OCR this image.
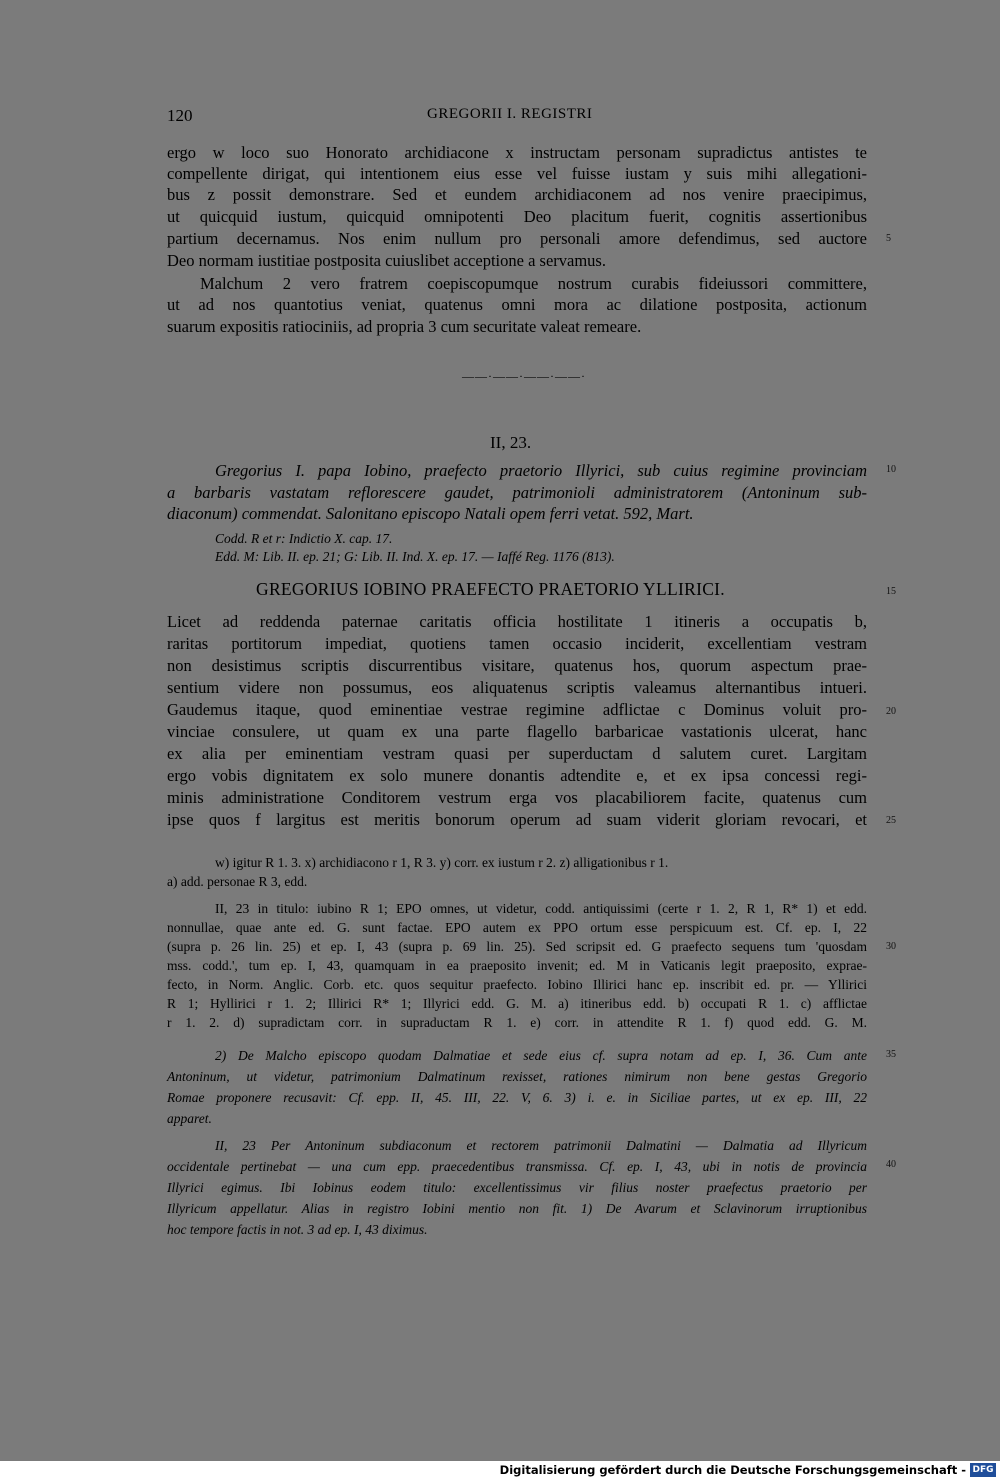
120	GREGORII I. REGISTRI
ergo w loco suo Honorato archidiacone x instructam personam supradictus antistes te
compellente dirigat, qui intentionem eius esse vel fuisse iustam y suis mihi allegationi-
bus z possit demonstrare. Sed et eundem archidiaconem ad nos venire praecipimus,
ut quicquid iustum, quicquid omnipotenti Deo placitum fuerit, cognitis assertionibus
partium decernamus. Nos enim nullum pro personali amore defendimus, sed auctore
Deo normam iustitiae postposita cuiuslibet acceptione a servamus.
Malchum 2 vero fratrem coepiscopumque nostrum curabis fideiussori committere,
ut ad nos quantotius veniat, quatenus omni mora ac dilatione postposita, actionum
suarum expositis ratiociniis, ad propria 3 cum securitate valeat remeare.
——·——·——·——·
II, 23.
Gregorius I. papa Iobino, praefecto praetorio Illyrici, sub cuius regimine provinciam
a barbaris vastatam reflorescere gaudet, patrimonioli administratorem (Antoninum sub-
diaconum) commendat. Salonitano episcopo Natali opem ferri vetat. 592, Mart.
Codd. R et r: Indictio X. cap. 17.
Edd. M: Lib. II. ep. 21; G: Lib. II. Ind. X. ep. 17. — Iaffé Reg. 1176 (813).
GREGORIUS IOBINO PRAEFECTO PRAETORIO YLLIRICI.
Licet ad reddenda paternae caritatis officia hostilitate 1 itineris a occupatis b,
raritas portitorum impediat, quotiens tamen occasio inciderit, excellentiam vestram
non desistimus scriptis discurrentibus visitare, quatenus hos, quorum aspectum prae-
sentium videre non possumus, eos aliquatenus scriptis valeamus alternantibus intueri.
Gaudemus itaque, quod eminentiae vestrae regimine adflictae c Dominus voluit pro-
vinciae consulere, ut quam ex una parte flagello barbaricae vastationis ulcerat, hanc
ex alia per eminentiam vestram quasi per superductam d salutem curet. Largitam
ergo vobis dignitatem ex solo munere donantis adtendite e, et ex ipsa concessi regi-
minis administratione Conditorem vestrum erga vos placabiliorem facite, quatenus cum
ipse quos f largitus est meritis bonorum operum ad suam viderit gloriam revocari, et
w) igitur R 1. 3. x) archidiacono r 1, R 3. y) corr. ex iustum r 2. z) alligationibus r 1.
a) add. personae R 3, edd.
II, 23 in titulo: iubino R 1; EPO omnes, ut videtur, codd. antiquissimi (certe r 1. 2, R 1, R* 1) et edd.
nonnullae, quae ante ed. G. sunt factae. EPO autem ex PPO ortum esse perspicuum est. Cf. ep. I, 22
(supra p. 26 lin. 25) et ep. I, 43 (supra p. 69 lin. 25). Sed scripsit ed. G praefecto sequens tum 'quosdam
mss. codd.', tum ep. I, 43, quamquam in ea praeposito invenit; ed. M in Vaticanis legit praeposito, exprae-
fecto, in Norm. Anglic. Corb. etc. quos sequitur praefecto. Iobino Illirici hanc ep. inscribit ed. pr. — Yllirici
R 1; Hyllirici r 1. 2; Illirici R* 1; Illyrici edd. G. M. a) itineribus edd. b) occupati R 1. c) afflictae
r 1. 2. d) supradictam corr. in supraductam R 1. e) corr. in attendite R 1. f) quod edd. G. M.
2) De Malcho episcopo quodam Dalmatiae et sede eius cf. supra notam ad ep. I, 36. Cum ante
Antoninum, ut videtur, patrimonium Dalmatinum rexisset, rationes nimirum non bene gestas Gregorio
Romae proponere recusavit: Cf. epp. II, 45. III, 22. V, 6. 3) i. e. in Siciliae partes, ut ex ep. III, 22
apparet.
II, 23 Per Antoninum subdiaconum et rectorem patrimonii Dalmatini — Dalmatia ad Illyricum
occidentale pertinebat — una cum epp. praecedentibus transmissa. Cf. ep. I, 43, ubi in notis de provincia
Illyrici egimus. Ibi Iobinus eodem titulo: excellentissimus vir filius noster praefectus praetorio per
Illyricum appellatur. Alias in registro Iobini mentio non fit. 1) De Avarum et Sclavinorum irruptionibus
hoc tempore factis in not. 3 ad ep. I, 43 diximus.
5
10
15
20
25
30
35
40
Digitalisierung gefördert durch die Deutsche Forschungsgemeinschaft - DFG
